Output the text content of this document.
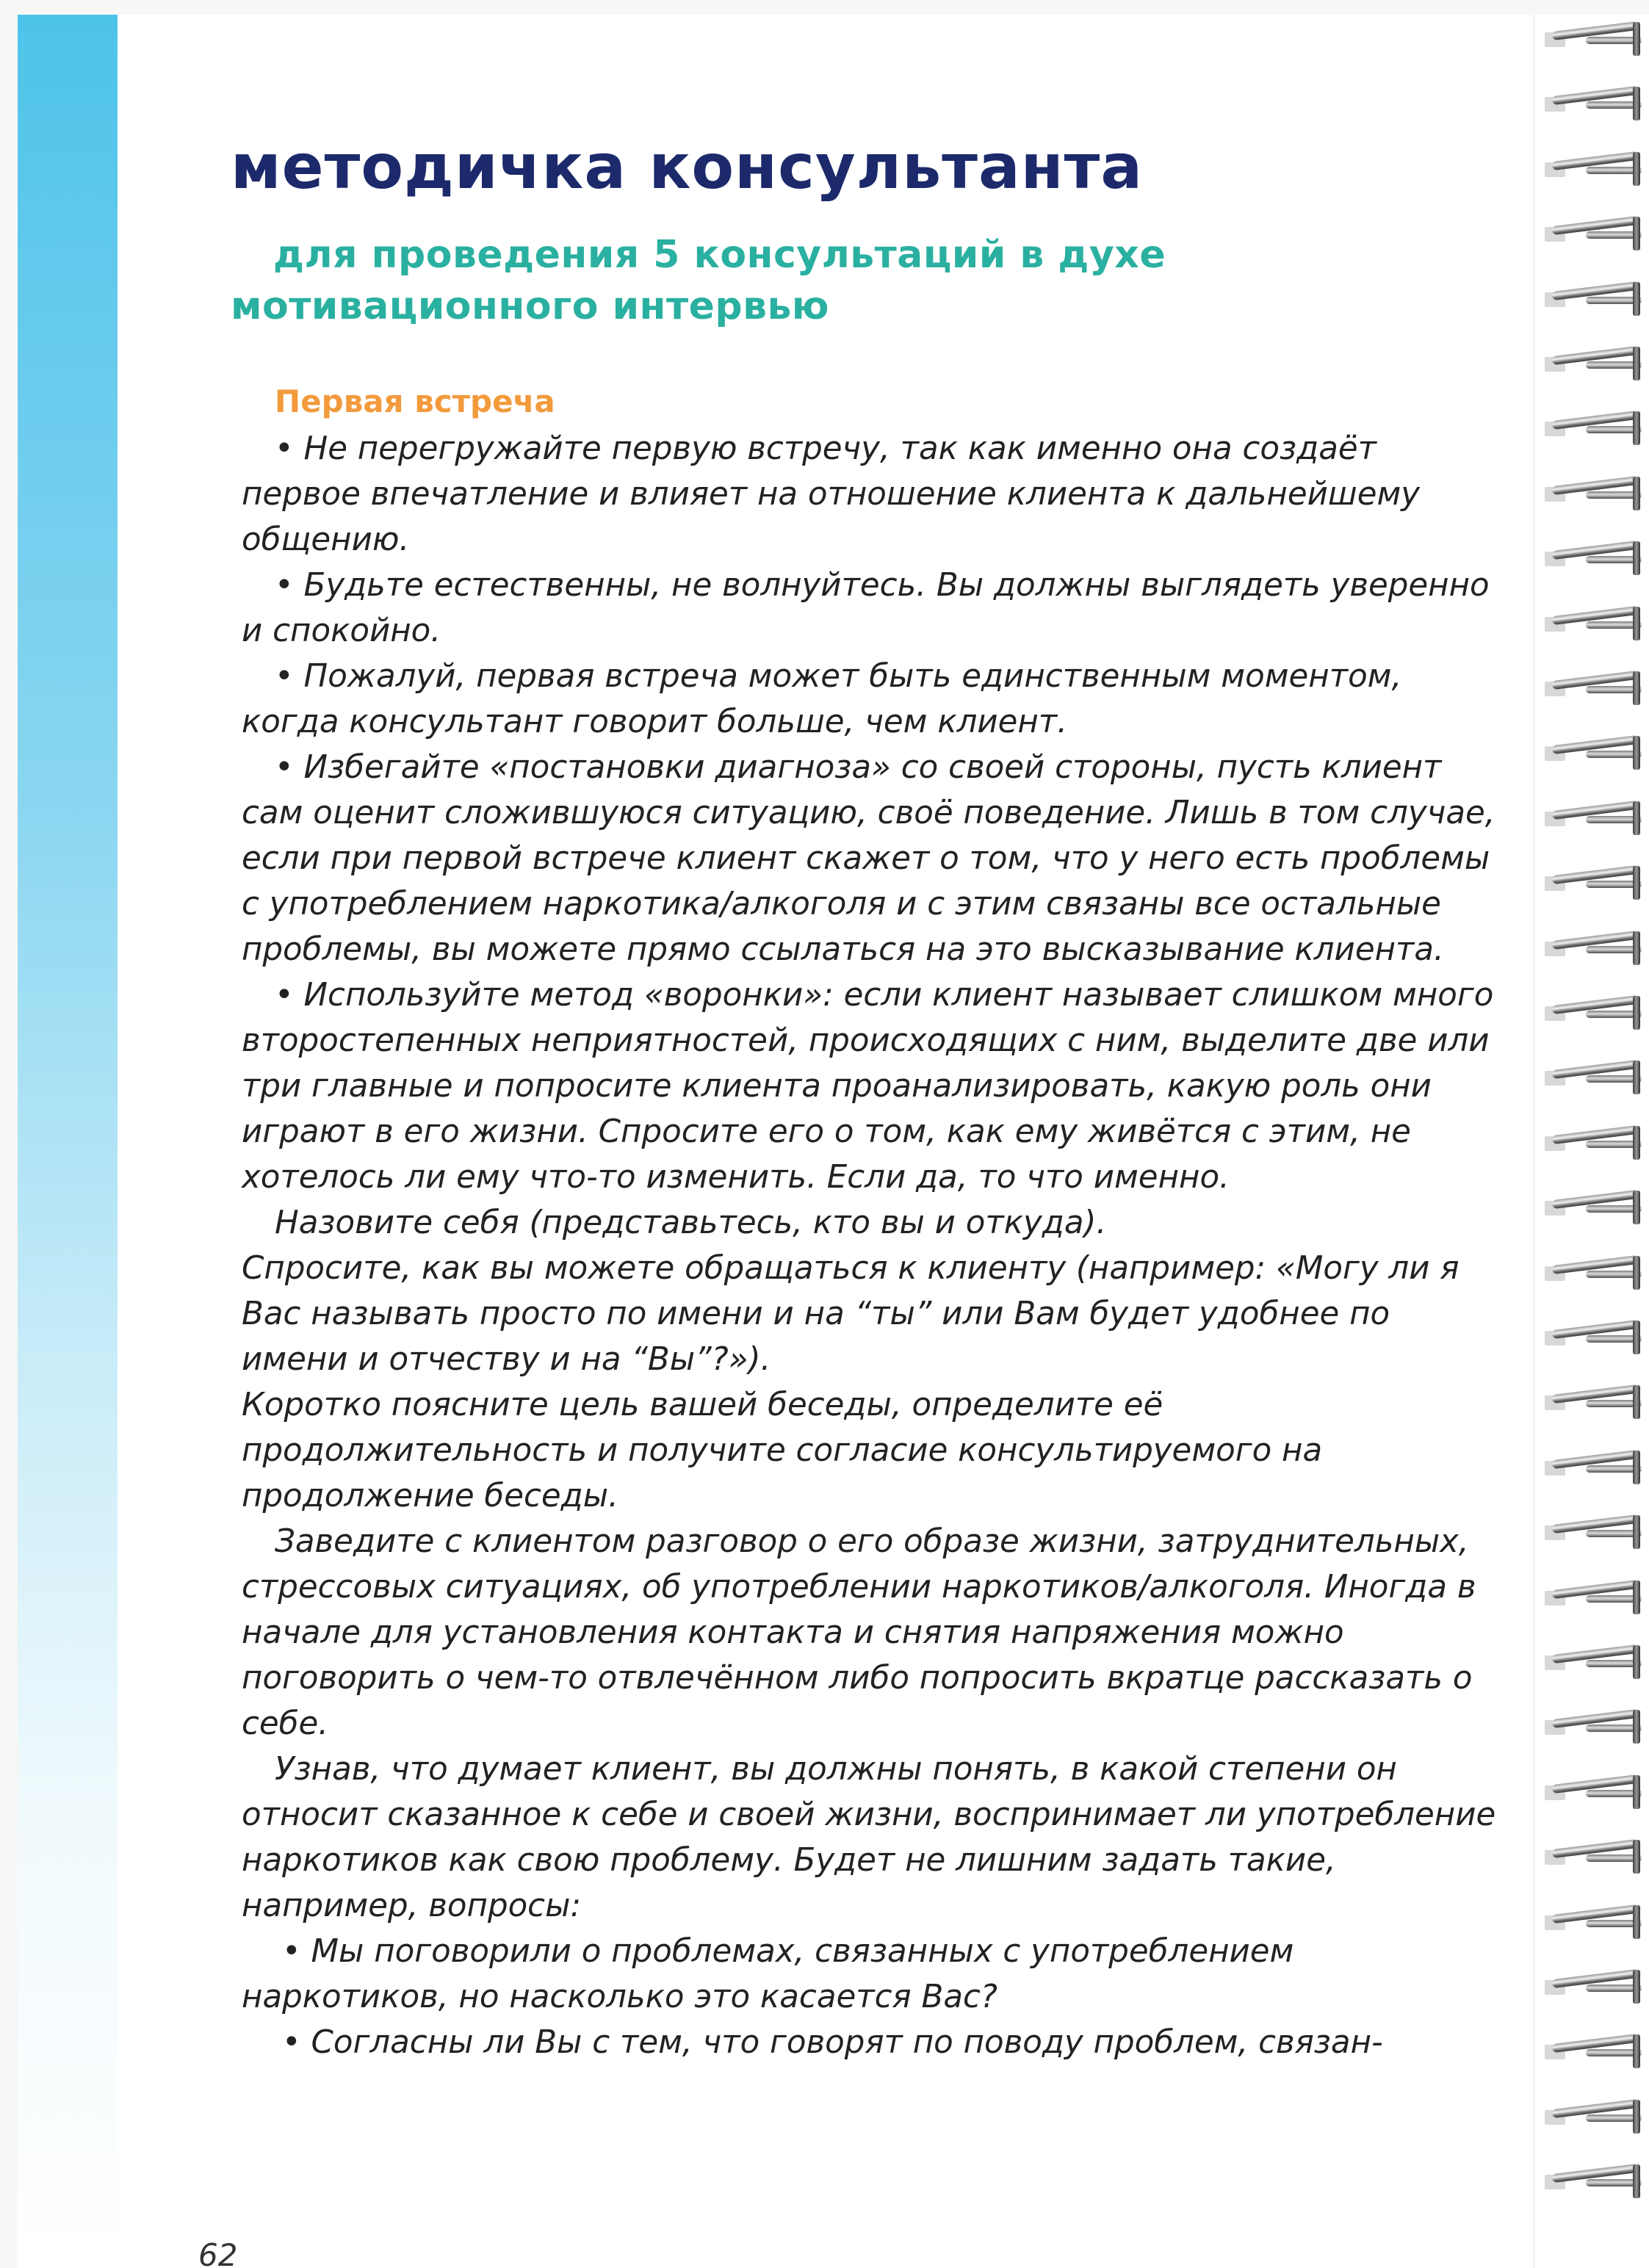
методичка консультанта
для проведения 5 консультаций в духе мотивационного интервью
Первая встреча

• Не перегружайте первую встречу, так как именно она создаёт первое впечатление и влияет на отношение клиента к дальнейшему общению.

• Будьте естественны, не волнуйтесь. Вы должны выглядеть уверенно и спокойно.

• Пожалуй, первая встреча может быть единственным моментом, когда консультант говорит больше, чем клиент.

• Избегайте «постановки диагноза» со своей стороны, пусть клиент сам оценит сложившуюся ситуацию, своё поведение. Лишь в том случае, если при первой встрече клиент скажет о том, что у него есть проблемы с употреблением наркотика/алкоголя и с этим связаны все остальные проблемы, вы можете прямо ссылаться на это высказывание клиента.

• Используйте метод «воронки»: если клиент называет слишком много второстепенных неприятностей, происходящих с ним, выделите две или три главные и попросите клиента проанализировать, какую роль они играют в его жизни. Спросите его о том, как ему живётся с этим, не хотелось ли ему что-то изменить. Если да, то что именно.

Назовите себя (представьтесь, кто вы и откуда).

Спросите, как вы можете обращаться к клиенту (например: «Могу ли я Вас называть просто по имени и на “ты” или Вам будет удобнее по имени и отчеству и на “Вы”?»).

Коротко поясните цель вашей беседы, определите её продолжительность и получите согласие консультируемого на продолжение беседы.

Заведите с клиентом разговор о его образе жизни, затруднительных, стрессовых ситуациях, об употреблении наркотиков/алкоголя. Иногда в начале для установления контакта и снятия напряжения можно поговорить о чем-то отвлечённом либо попросить вкратце рассказать о себе.

Узнав, что думает клиент, вы должны понять, в какой степени он относит сказанное к себе и своей жизни, воспринимает ли употребление наркотиков как свою проблему. Будет не лишним задать такие, например, вопросы:

• Мы поговорили о проблемах, связанных с употреблением наркотиков, но насколько это касается Вас?

• Согласны ли Вы с тем, что говорят по поводу проблем, связан-

62
